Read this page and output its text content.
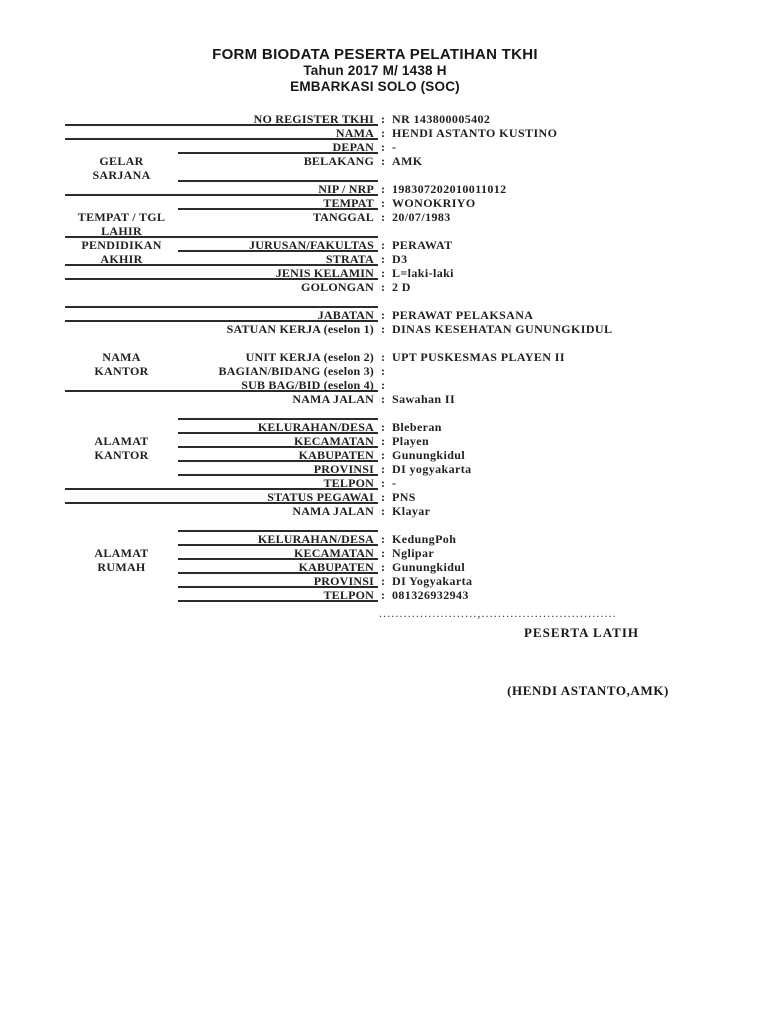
FORM BIODATA PESERTA PELATIHAN TKHI
Tahun 2017 M/ 1438 H
EMBARKASI SOLO (SOC)
NO REGISTER TKHI : NR 143800005402
NAMA : HENDI ASTANTO KUSTINO
DEPAN : -
GELAR	BELAKANG : AMK
SARJANA
NIP / NRP : 198307202010011012
TEMPAT : WONOKRIYO
TEMPAT / TGL	TANGGAL : 20/07/1983
LAHIR
PENDIDIKAN	JURUSAN/FAKULTAS : PERAWAT
AKHIR	STRATA : D3
JENIS KELAMIN : L=laki-laki
GOLONGAN : 2 D
JABATAN : PERAWAT PELAKSANA
SATUAN KERJA (eselon 1) : DINAS KESEHATAN GUNUNGKIDUL
NAMA	UNIT KERJA (eselon 2) : UPT PUSKESMAS PLAYEN II
KANTOR	BAGIAN/BIDANG (eselon 3) :
SUB BAG/BID (eselon 4) :
NAMA JALAN : Sawahan II
KELURAHAN/DESA : Bleberan
ALAMAT	KECAMATAN : Playen
KANTOR	KABUPATEN : Gunungkidul
PROVINSI : DI yogyakarta
TELPON : -
STATUS PEGAWAI : PNS
NAMA JALAN : Klayar
KELURAHAN/DESA : KedungPoh
ALAMAT	KECAMATAN : Nglipar
RUMAH	KABUPATEN : Gunungkidul
PROVINSI : DI Yogyakarta
TELPON : 081326932943
........................,.................................
PESERTA LATIH
(HENDI ASTANTO,AMK)
